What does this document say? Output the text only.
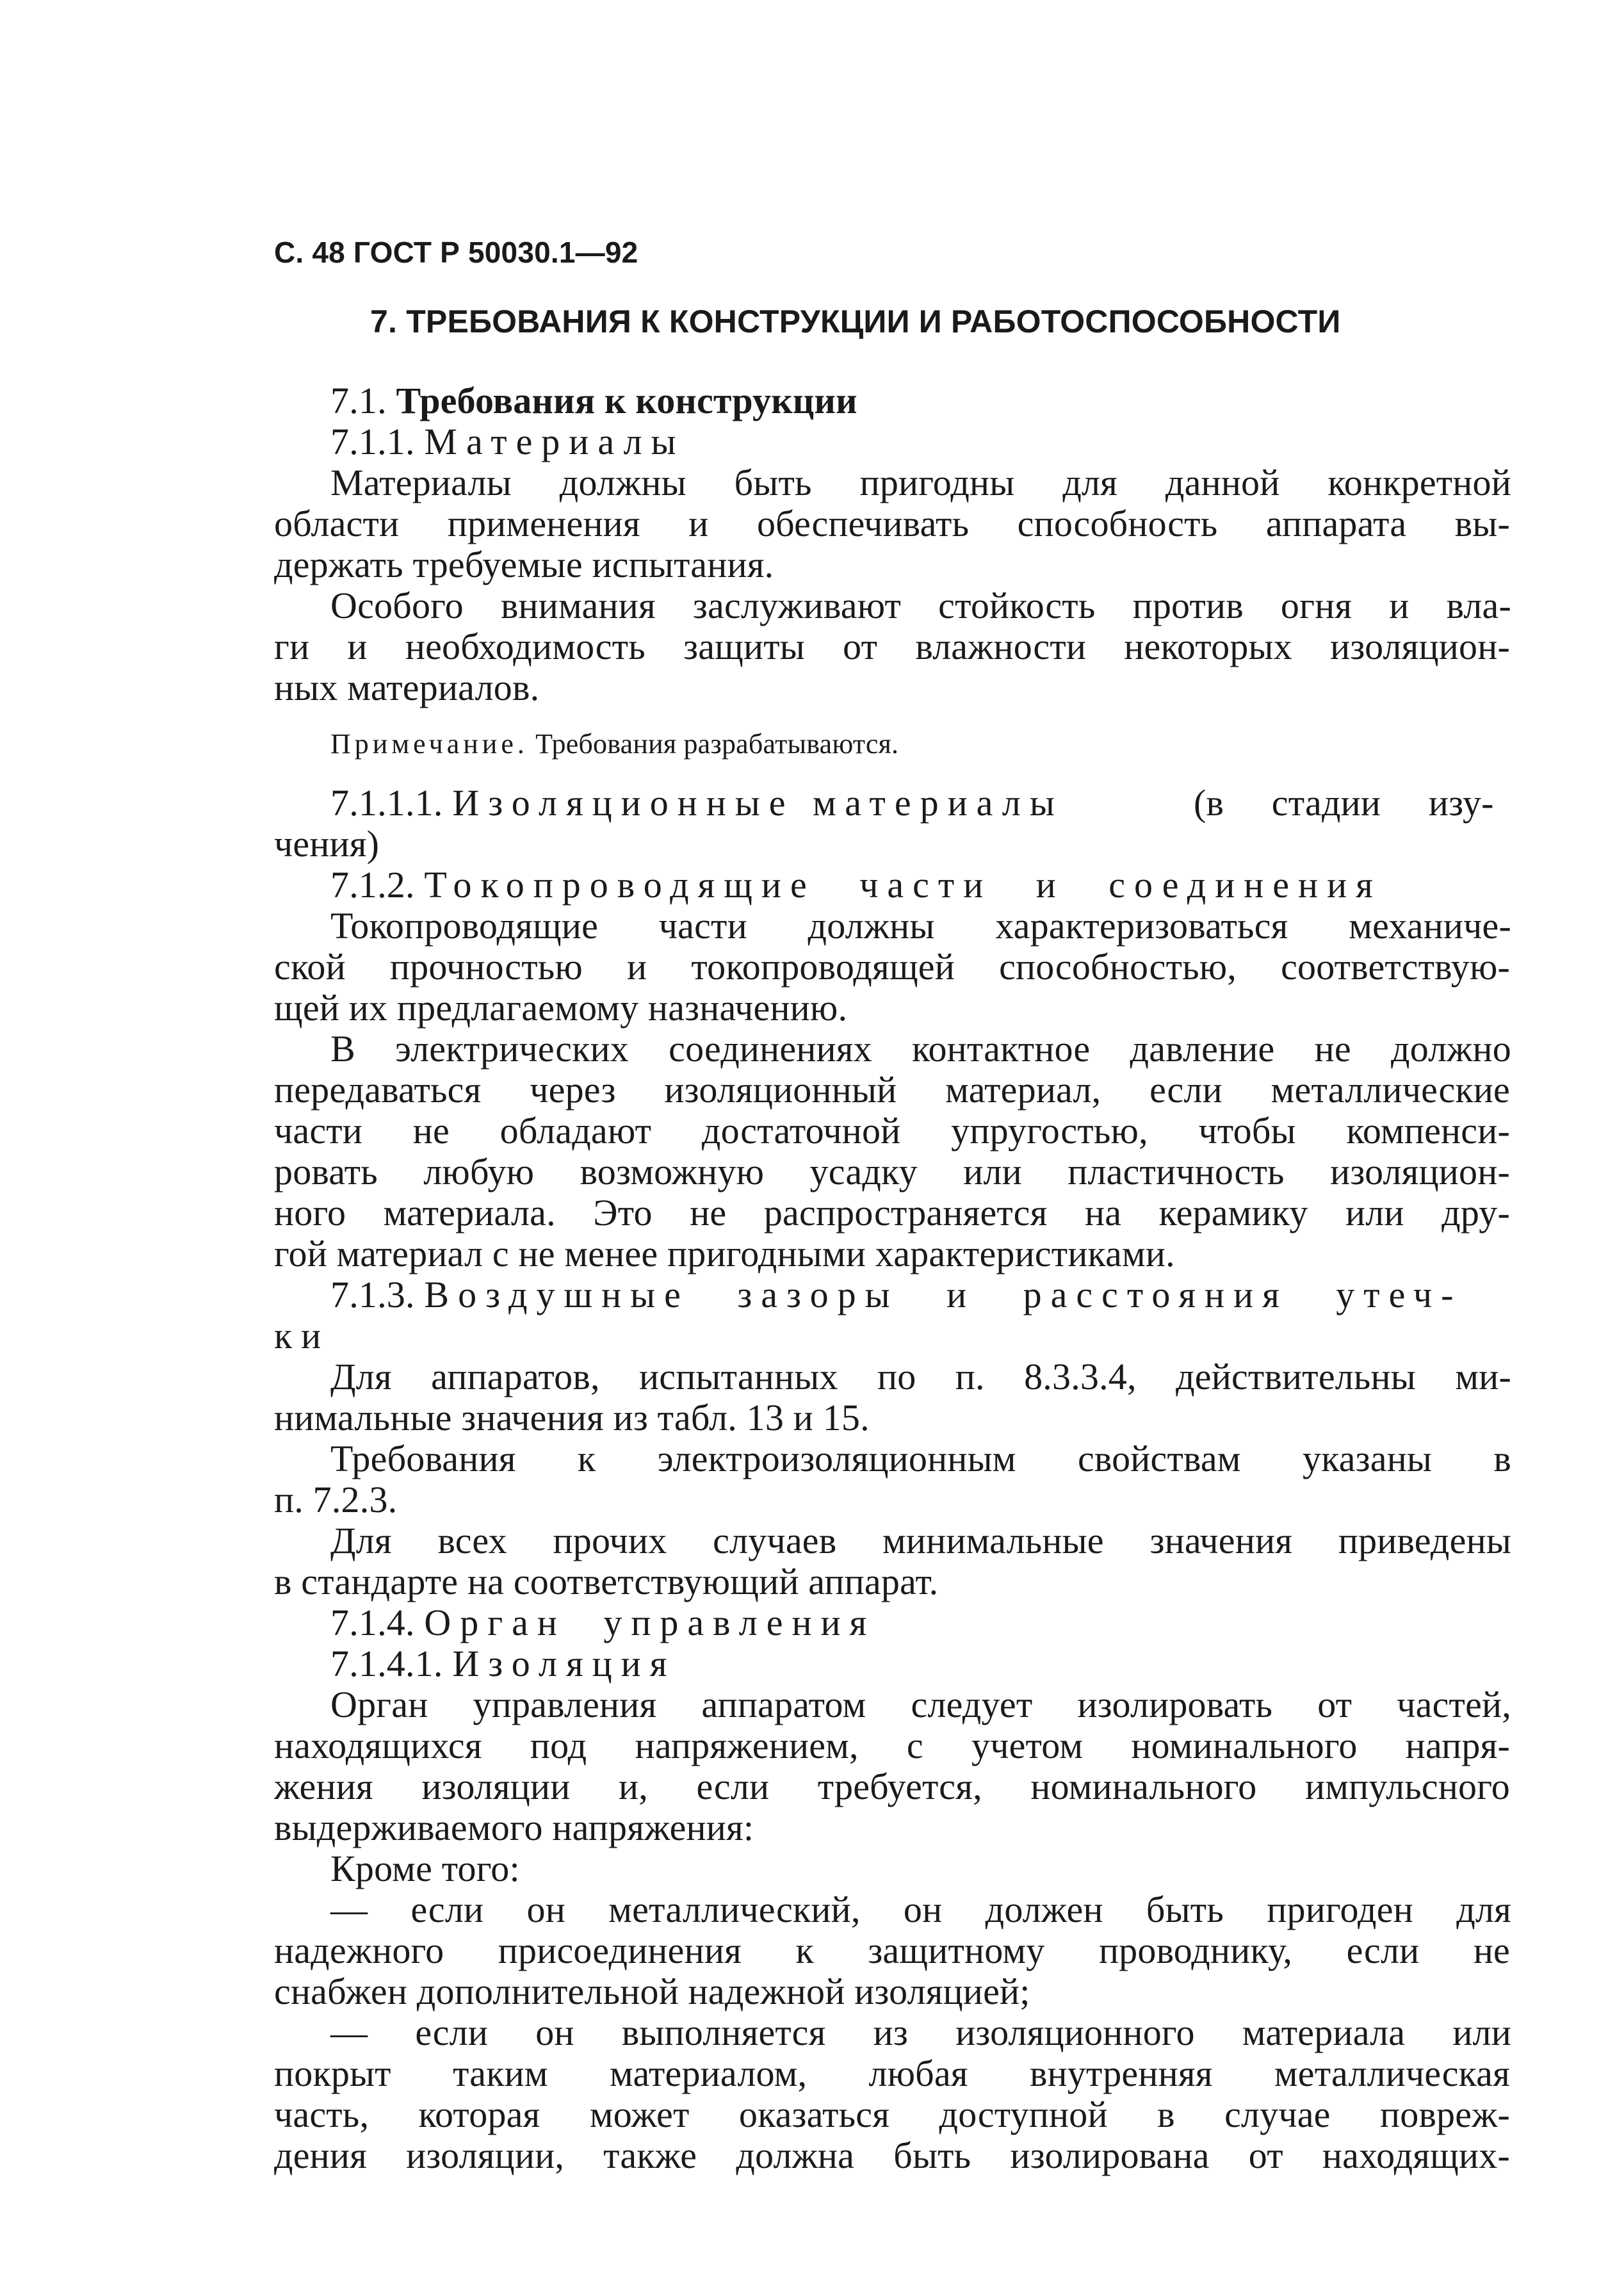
С. 48 ГОСТ Р 50030.1—92
7. ТРЕБОВАНИЯ К КОНСТРУКЦИИ И РАБОТОСПОСОБНОСТИ
7.1. Требования к конструкции
7.1.1. Материалы
Материалы должны быть пригодны для данной конкретной
области применения и обеспечивать способность аппарата вы-
держать требуемые испытания.
Особого внимания заслуживают стойкость против огня и вла-
ги и необходимость защиты от влажности некоторых изоляцион-
ных материалов.
Примечание. Требования разрабатываются.
7.1.1.1. Изоляционные материалы	(в стадии изу-
чения)
7.1.2. Токопроводящие части и соединения
Токопроводящие части должны характеризоваться механиче-
ской прочностью и токопроводящей способностью, соответствую-
щей их предлагаемому назначению.
В электрических соединениях контактное давление не должно
передаваться через изоляционный материал, если металлические
части не обладают достаточной упругостью, чтобы компенси-
ровать любую возможную усадку или пластичность изоляцион-
ного материала. Это не распространяется на керамику или дру-
гой материал с не менее пригодными характеристиками.
7.1.3. Воздушные зазоры и расстояния утеч-
ки
Для аппаратов, испытанных по п. 8.3.3.4, действительны ми-
нимальные значения из табл. 13 и 15.
Требования к электроизоляционным свойствам указаны в
п. 7.2.3.
Для всех прочих случаев минимальные значения приведены
в стандарте на соответствующий аппарат.
7.1.4. Орган управления
7.1.4.1. Изоляция
Орган управления аппаратом следует изолировать от частей,
находящихся под напряжением, с учетом номинального напря-
жения изоляции и, если требуется, номинального импульсного
выдерживаемого напряжения:
Кроме того:
— если он металлический, он должен быть пригоден для
надежного присоединения к защитному проводнику, если не
снабжен дополнительной надежной изоляцией;
— если он выполняется из изоляционного материала или
покрыт таким материалом, любая внутренняя металлическая
часть, которая может оказаться доступной в случае повреж-
дения изоляции, также должна быть изолирована от находящих-
